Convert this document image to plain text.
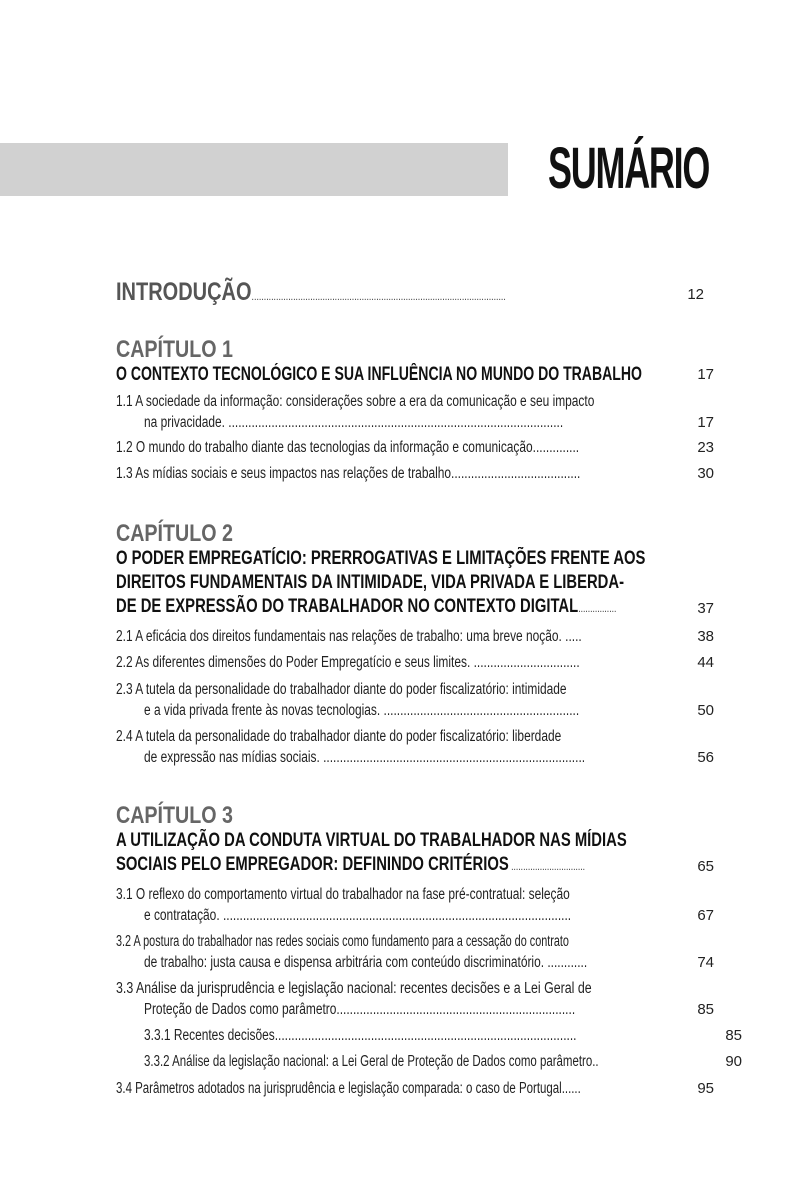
SUMÁRIO
INTRODUÇÃO........................................................................................................	12
CAPÍTULO 1
O CONTEXTO TECNOLÓGICO E SUA INFLUÊNCIA NO MUNDO DO TRABALHO	17
1.1 A sociedade da informação: considerações sobre a era da comunicação e seu impacto
na privacidade. .....................................................................................................	17
1.2 O mundo do trabalho diante das tecnologias da informação e comunicação..............	23
1.3 As mídias sociais e seus impactos nas relações de trabalho.......................................	30
CAPÍTULO 2
O PODER EMPREGATÍCIO: PRERROGATIVAS E LIMITAÇÕES FRENTE AOS
DIREITOS FUNDAMENTAIS DA INTIMIDADE, VIDA PRIVADA E LIBERDA-
DE DE EXPRESSÃO DO TRABALHADOR NO CONTEXTO DIGITAL................	37
2.1 A eficácia dos direitos fundamentais nas relações de trabalho: uma breve noção. .....	38
2.2 As diferentes dimensões do Poder Empregatício e seus limites. ................................	44
2.3 A tutela da personalidade do trabalhador diante do poder fiscalizatório: intimidade
e a vida privada frente às novas tecnologias. ...........................................................	50
2.4 A tutela da personalidade do trabalhador diante do poder fiscalizatório: liberdade
de expressão nas mídias sociais. ...............................................................................	56
CAPÍTULO 3
A UTILIZAÇÃO DA CONDUTA VIRTUAL DO TRABALHADOR NAS MÍDIAS
SOCIAIS PELO EMPREGADOR: DEFININDO CRITÉRIOS ...............................	65
3.1 O reflexo do comportamento virtual do trabalhador na fase pré-contratual: seleção
e contratação. .........................................................................................................	67
3.2 A postura do trabalhador nas redes sociais como fundamento para a cessação do contrato
de trabalho: justa causa e dispensa arbitrária com conteúdo discriminatório. ............	74
3.3 Análise da jurisprudência e legislação nacional: recentes decisões e a Lei Geral de
Proteção de Dados como parâmetro........................................................................	85
3.3.1 Recentes decisões...........................................................................................	85
3.3.2 Análise da legislação nacional: a Lei Geral de Proteção de Dados como parâmetro..	90
3.4 Parâmetros adotados na jurisprudência e legislação comparada: o caso de Portugal......	95
